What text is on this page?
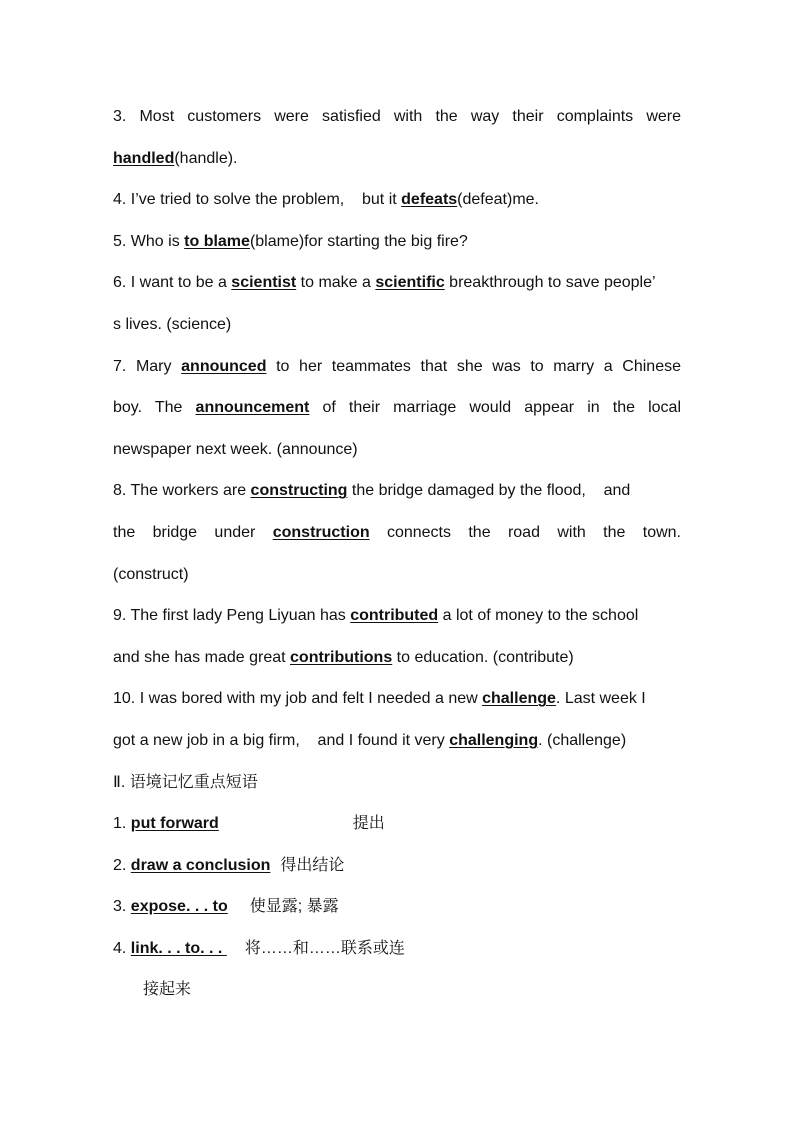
3. Most customers were satisfied with the way their complaints were
handled(handle).
4. I’ve tried to solve the problem,    but it defeats(defeat)me.
5. Who is to blame(blame)for starting the big fire?
6. I want to be a scientist to make a scientific breakthrough to save people’
s lives. (science)
7. Mary announced to her teammates that she was to marry a Chinese
boy. The announcement of their marriage would appear in the local
newspaper next week. (announce)
8. The workers are constructing the bridge damaged by the flood,    and
the bridge under construction connects the road with the town.
(construct)
9. The first lady Peng Liyuan has contributed a lot of money to the school
and she has made great contributions to education. (contribute)
10. I was bored with my job and felt I needed a new challenge. Last week I
got a new job in a big firm,    and I found it very challenging. (challenge)
Ⅱ. 语境记忆重点短语
1. put forward	提出
2. draw a conclusion 得出结论
3. expose. . . to 使显露; 暴露
4. link. . . to. . . 将……和……联系或连
接起来
